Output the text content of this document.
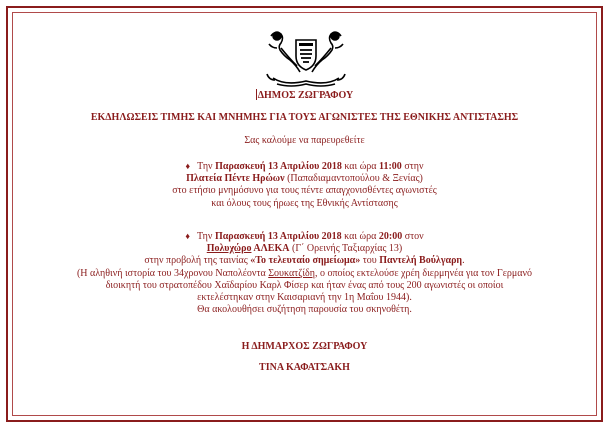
ΔΗΜΟΣ ΖΩΓΡΑΦΟΥ
ΕΚΔΗΛΩΣΕΙΣ ΤΙΜΗΣ ΚΑΙ ΜΝΗΜΗΣ ΓΙΑ ΤΟΥΣ ΑΓΩΝΙΣΤΕΣ ΤΗΣ ΕΘΝΙΚΗΣ ΑΝΤΙΣΤΑΣΗΣ
Σας καλούμε να παρευρεθείτε
♦ Την Παρασκευή 13 Απριλίου 2018 και ώρα 11:00 στην
Πλατεία Πέντε Ηρώων (Παπαδιαμαντοπούλου & Ξενίας)
στο ετήσιο μνημόσυνο για τους πέντε απαγχονισθέντες αγωνιστές
και όλους τους ήρωες της Εθνικής Αντίστασης
♦ Την Παρασκευή 13 Απριλίου 2018 και ώρα 20:00 στον
Πολυχώρο ΑΛΕΚΑ (Γ΄ Ορεινής Ταξιαρχίας 13)
στην προβολή της ταινίας «Το τελευταίο σημείωμα» του Παντελή Βούλγαρη.
(Η αληθινή ιστορία του 34χρονου Ναπολέοντα Σουκατζίδη, ο οποίος εκτελούσε χρέη διερμηνέα για τον Γερμανό
διοικητή του στρατοπέδου Χαϊδαρίου Καρλ Φίσερ και ήταν ένας από τους 200 αγωνιστές οι οποίοι
εκτελέστηκαν στην Καισαριανή την 1η Μαΐου 1944).
Θα ακολουθήσει συζήτηση παρουσία του σκηνοθέτη.
Η ΔΗΜΑΡΧΟΣ ΖΩΓΡΑΦΟΥ
ΤΙΝΑ ΚΑΦΑΤΣΑΚΗ
